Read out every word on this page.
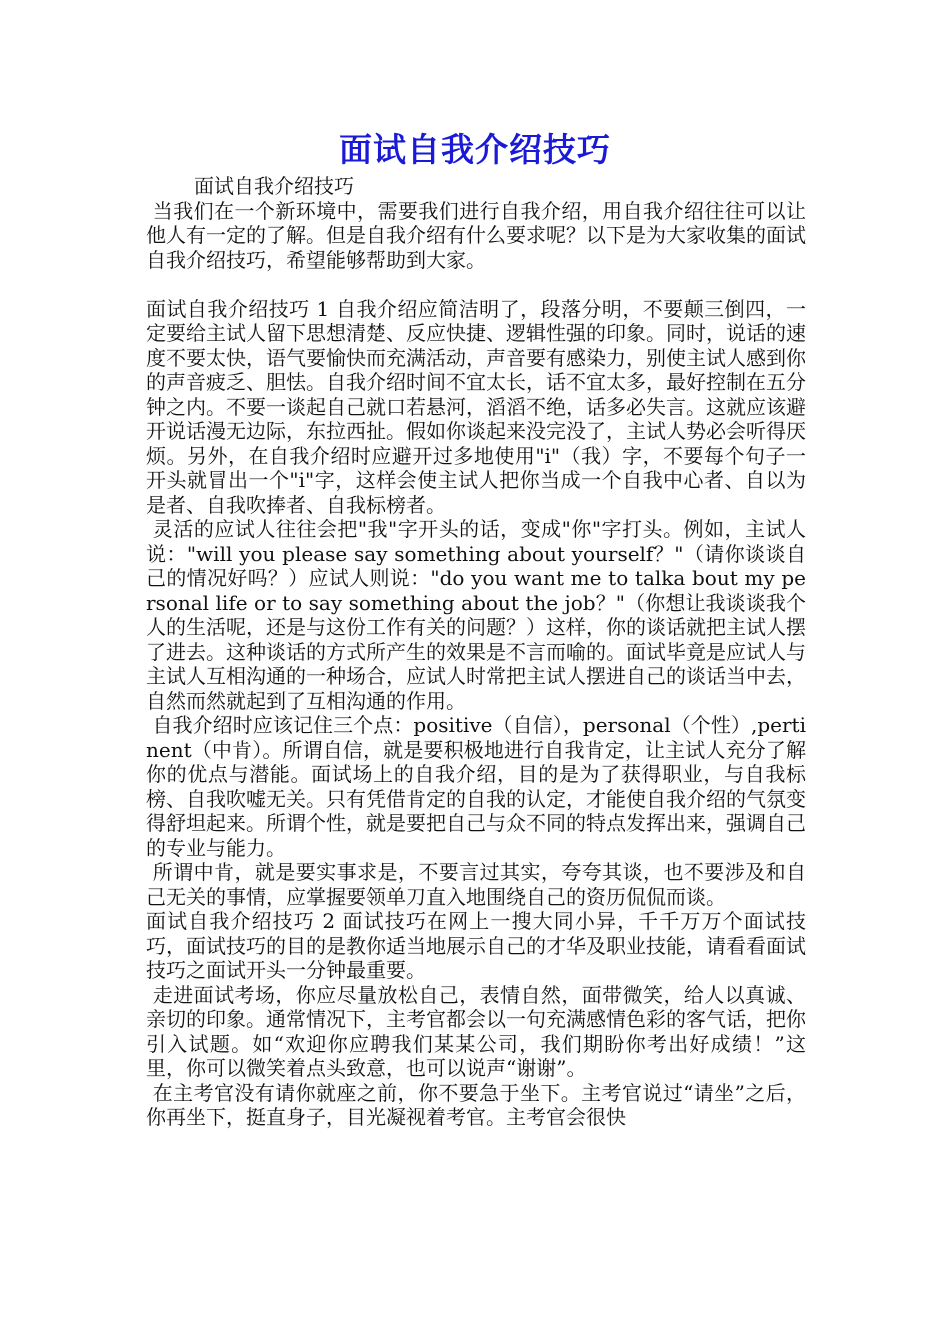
面试自我介绍技巧

面试自我介绍技巧

当我们在一个新环境中，需要我们进行自我介绍，用自我介绍往往可以让他人有一定的了解。但是自我介绍有什么要求呢？以下是为大家收集的面试自我介绍技巧，希望能够帮助到大家。

面试自我介绍技巧 1 自我介绍应简洁明了，段落分明，不要颠三倒四，一定要给主试人留下思想清楚、反应快捷、逻辑性强的印象。同时，说话的速度不要太快，语气要愉快而充满活动，声音要有感染力，别使主试人感到你的声音疲乏、胆怯。自我介绍时间不宜太长，话不宜太多，最好控制在五分钟之内。不要一谈起自己就口若悬河，滔滔不绝，话多必失言。这就应该避开说话漫无边际，东拉西扯。假如你谈起来没完没了，主试人势必会听得厌烦。另外，在自我介绍时应避开过多地使用"i"（我）字，不要每个句子一开头就冒出一个"i"字，这样会使主试人把你当成一个自我中心者、自以为是者、自我吹捧者、自我标榜者。

灵活的应试人往往会把"我"字开头的话，变成"你"字打头。例如，主试人说："will you please say something about yourself？"（请你谈谈自己的情况好吗？）应试人则说："do you want me to talka bout my personal life or to say something about the job？"（你想让我谈谈我个人的生活呢，还是与这份工作有关的问题？）这样，你的谈话就把主试人摆了进去。这种谈话的方式所产生的效果是不言而喻的。面试毕竟是应试人与主试人互相沟通的一种场合，应试人时常把主试人摆进自己的谈话当中去，自然而然就起到了互相沟通的作用。

自我介绍时应该记住三个点：positive（自信），personal（个性）,pertinent（中肯）。所谓自信，就是要积极地进行自我肯定，让主试人充分了解你的优点与潜能。面试场上的自我介绍，目的是为了获得职业，与自我标榜、自我吹嘘无关。只有凭借肯定的自我的认定，才能使自我介绍的气氛变得舒坦起来。所谓个性，就是要把自己与众不同的特点发挥出来，强调自己的专业与能力。

所谓中肯，就是要实事求是，不要言过其实，夸夸其谈，也不要涉及和自己无关的事情，应掌握要领单刀直入地围绕自己的资历侃侃而谈。

面试自我介绍技巧 2 面试技巧在网上一搜大同小异，千千万万个面试技巧，面试技巧的目的是教你适当地展示自己的才华及职业技能，请看看面试技巧之面试开头一分钟最重要。

走进面试考场，你应尽量放松自己，表情自然，面带微笑，给人以真诚、亲切的印象。通常情况下，主考官都会以一句充满感情色彩的客气话，把你引入试题。如“欢迎你应聘我们某某公司，我们期盼你考出好成绩！”这里，你可以微笑着点头致意，也可以说声“谢谢”。

在主考官没有请你就座之前，你不要急于坐下。主考官说过“请坐”之后，你再坐下，挺直身子，目光凝视着考官。主考官会很快
